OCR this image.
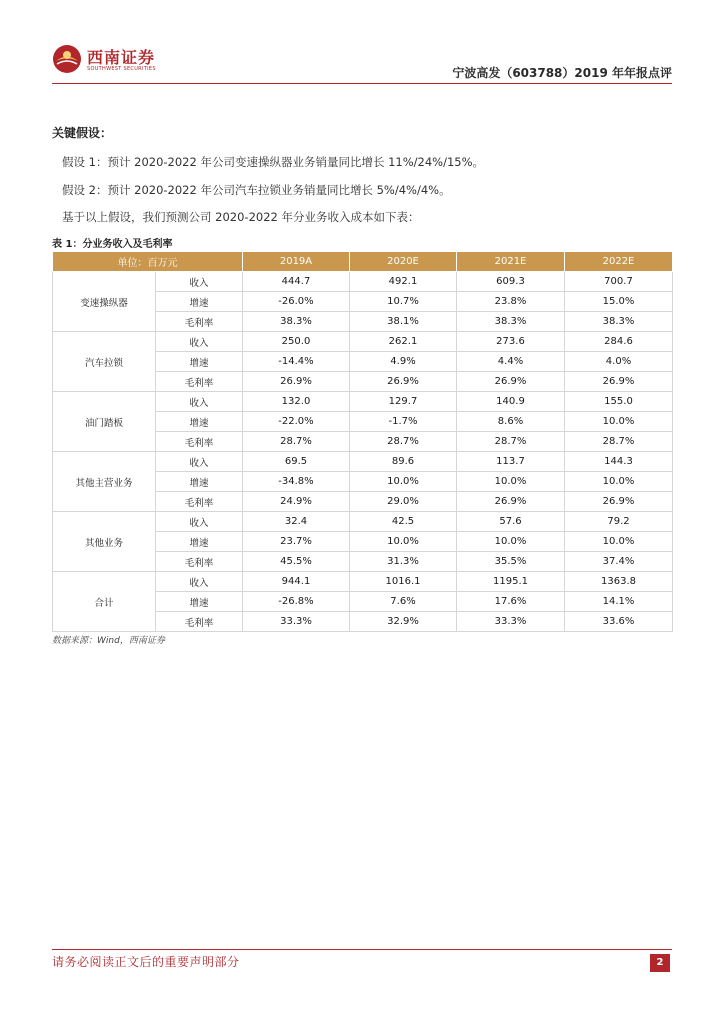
西南证券
SOUTHWEST SECURITIES	宁波高发（603788）2019 年年报点评
关键假设：
假设 1：预计 2020-2022 年公司变速操纵器业务销量同比增长 11%/24%/15%。
假设 2：预计 2020-2022 年公司汽车拉锁业务销量同比增长 5%/4%/4%。
基于以上假设，我们预测公司 2020-2022 年分业务收入成本如下表：
表 1：分业务收入及毛利率
单位：百万元		2019A	2020E	2021E	2022E
变速操纵器	收入	444.7	492.1	609.3	700.7
	增速	-26.0%	10.7%	23.8%	15.0%
	毛利率	38.3%	38.1%	38.3%	38.3%
汽车拉锁	收入	250.0	262.1	273.6	284.6
	增速	-14.4%	4.9%	4.4%	4.0%
	毛利率	26.9%	26.9%	26.9%	26.9%
油门踏板	收入	132.0	129.7	140.9	155.0
	增速	-22.0%	-1.7%	8.6%	10.0%
	毛利率	28.7%	28.7%	28.7%	28.7%
其他主营业务	收入	69.5	89.6	113.7	144.3
	增速	-34.8%	10.0%	10.0%	10.0%
	毛利率	24.9%	29.0%	26.9%	26.9%
其他业务	收入	32.4	42.5	57.6	79.2
	增速	23.7%	10.0%	10.0%	10.0%
	毛利率	45.5%	31.3%	35.5%	37.4%
合计	收入	944.1	1016.1	1195.1	1363.8
	增速	-26.8%	7.6%	17.6%	14.1%
	毛利率	33.3%	32.9%	33.3%	33.6%
数据来源：Wind，西南证券
请务必阅读正文后的重要声明部分	2
